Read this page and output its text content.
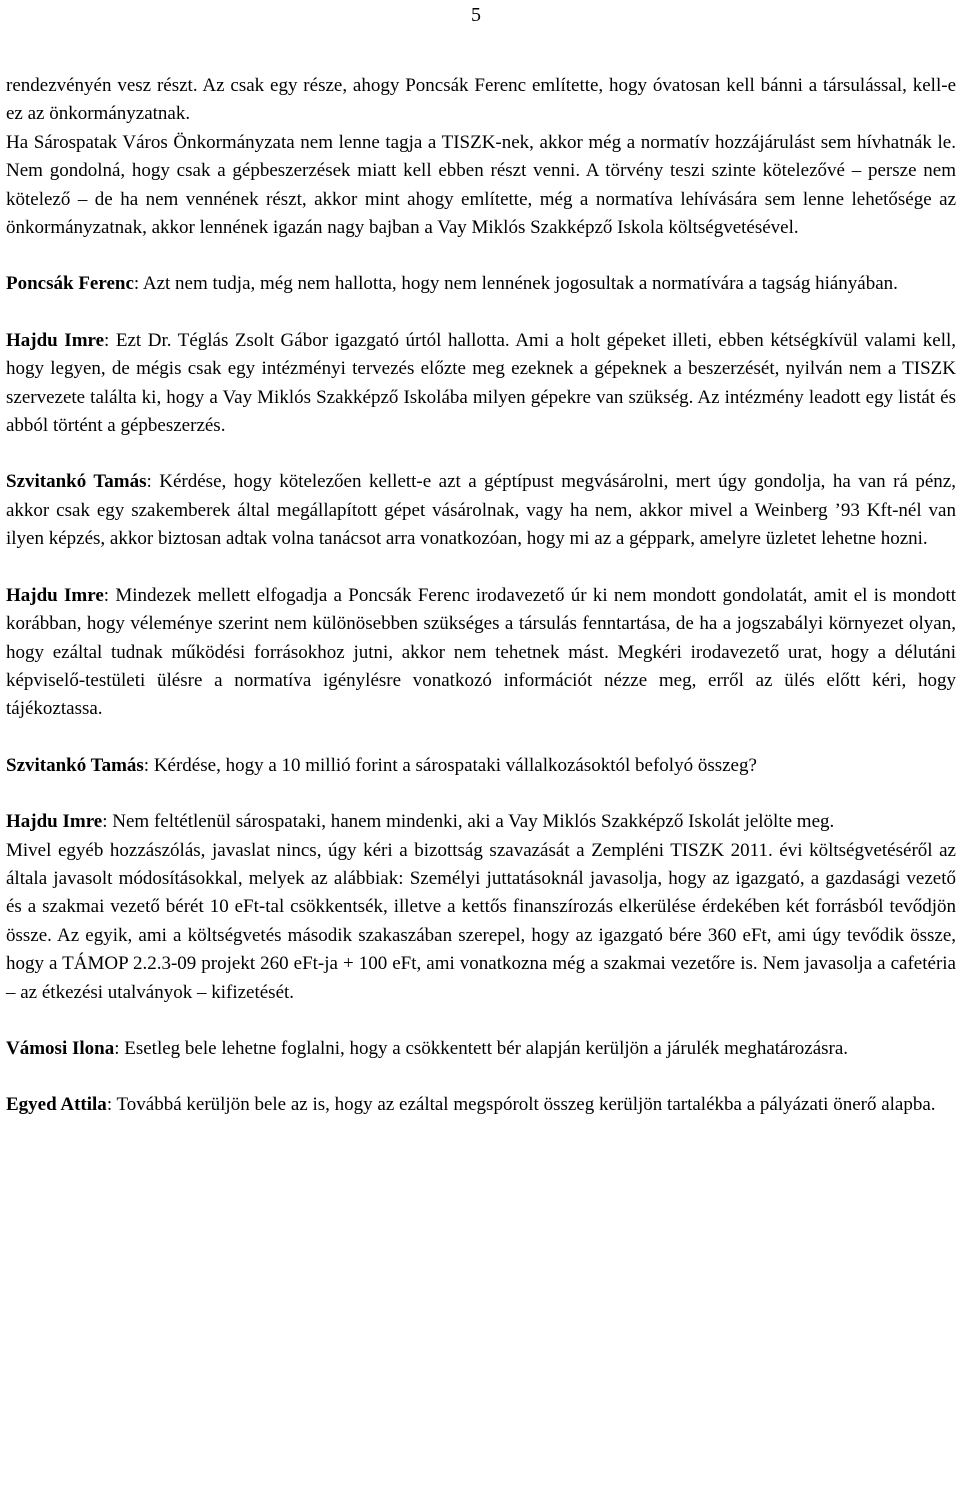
5

rendezvényén vesz részt. Az csak egy része, ahogy Poncsák Ferenc említette, hogy óvatosan kell bánni a társulással, kell-e ez az önkormányzatnak.

Ha Sárospatak Város Önkormányzata nem lenne tagja a TISZK-nek, akkor még a normatív hozzájárulást sem hívhatnák le. Nem gondolná, hogy csak a gépbeszerzések miatt kell ebben részt venni. A törvény teszi szinte kötelezővé – persze nem kötelező – de ha nem vennének részt, akkor mint ahogy említette, még a normatíva lehívására sem lenne lehetősége az önkormányzatnak, akkor lennének igazán nagy bajban a Vay Miklós Szakképző Iskola költségvetésével.

Poncsák Ferenc: Azt nem tudja, még nem hallotta, hogy nem lennének jogosultak a normatívára a tagság hiányában.

Hajdu Imre: Ezt Dr. Téglás Zsolt Gábor igazgató úrtól hallotta. Ami a holt gépeket illeti, ebben kétségkívül valami kell, hogy legyen, de mégis csak egy intézményi tervezés előzte meg ezeknek a gépeknek a beszerzését, nyilván nem a TISZK szervezete találta ki, hogy a Vay Miklós Szakképző Iskolába milyen gépekre van szükség. Az intézmény leadott egy listát és abból történt a gépbeszerzés.

Szvitankó Tamás: Kérdése, hogy kötelezően kellett-e azt a géptípust megvásárolni, mert úgy gondolja, ha van rá pénz, akkor csak egy szakemberek által megállapított gépet vásárolnak, vagy ha nem, akkor mivel a Weinberg ’93 Kft-nél van ilyen képzés, akkor biztosan adtak volna tanácsot arra vonatkozóan, hogy mi az a géppark, amelyre üzletet lehetne hozni.

Hajdu Imre: Mindezek mellett elfogadja a Poncsák Ferenc irodavezető úr ki nem mondott gondolatát, amit el is mondott korábban, hogy véleménye szerint nem különösebben szükséges a társulás fenntartása, de ha a jogszabályi környezet olyan, hogy ezáltal tudnak működési forrásokhoz jutni, akkor nem tehetnek mást. Megkéri irodavezető urat, hogy a délutáni képviselő-testületi ülésre a normatíva igénylésre vonatkozó információt nézze meg, erről az ülés előtt kéri, hogy tájékoztassa.

Szvitankó Tamás: Kérdése, hogy a 10 millió forint a sárospataki vállalkozásoktól befolyó összeg?

Hajdu Imre: Nem feltétlenül sárospataki, hanem mindenki, aki a Vay Miklós Szakképző Iskolát jelölte meg.

Mivel egyéb hozzászólás, javaslat nincs, úgy kéri a bizottság szavazását a Zempléni TISZK 2011. évi költségvetéséről az általa javasolt módosításokkal, melyek az alábbiak: Személyi juttatásoknál javasolja, hogy az igazgató, a gazdasági vezető és a szakmai vezető bérét 10 eFt-tal csökkentsék, illetve a kettős finanszírozás elkerülése érdekében két forrásból tevődjön össze. Az egyik, ami a költségvetés második szakaszában szerepel, hogy az igazgató bére 360 eFt, ami úgy tevődik össze, hogy a TÁMOP 2.2.3-09 projekt 260 eFt-ja + 100 eFt, ami vonatkozna még a szakmai vezetőre is. Nem javasolja a cafetéria – az étkezési utalványok – kifizetését.

Vámosi Ilona: Esetleg bele lehetne foglalni, hogy a csökkentett bér alapján kerüljön a járulék meghatározásra.

Egyed Attila: Továbbá kerüljön bele az is, hogy az ezáltal megspórolt összeg kerüljön tartalékba a pályázati önerő alapba.
